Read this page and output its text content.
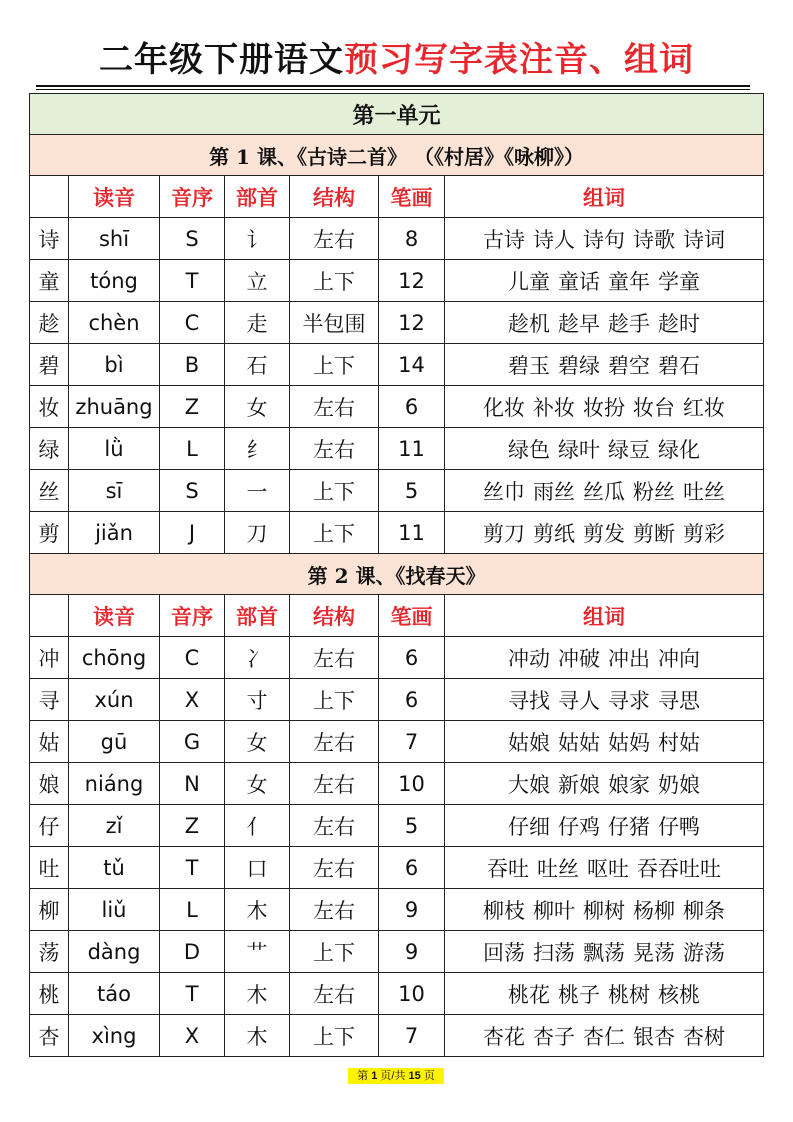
二年级下册语文预习写字表注音、组词
第一单元						
第 1 课、《古诗二首》 （《村居》《咏柳》）						
	读音	音序	部首	结构	笔画	组词
诗	shī	S	讠	左右	8	古诗 诗人 诗句 诗歌 诗词
童	tóng	T	立	上下	12	儿童 童话 童年 学童
趁	chèn	C	走	半包围	12	趁机 趁早 趁手 趁时
碧	bì	B	石	上下	14	碧玉 碧绿 碧空 碧石
妆	zhuāng	Z	女	左右	6	化妆 补妆 妆扮 妆台 红妆
绿	lǜ	L	纟	左右	11	绿色 绿叶 绿豆 绿化
丝	sī	S	一	上下	5	丝巾 雨丝 丝瓜 粉丝 吐丝
剪	jiǎn	J	刀	上下	11	剪刀 剪纸 剪发 剪断 剪彩
第 2 课、《找春天》						
	读音	音序	部首	结构	笔画	组词
冲	chōng	C	冫	左右	6	冲动 冲破 冲出 冲向
寻	xún	X	寸	上下	6	寻找 寻人 寻求 寻思
姑	gū	G	女	左右	7	姑娘 姑姑 姑妈 村姑
娘	niáng	N	女	左右	10	大娘 新娘 娘家 奶娘
仔	zǐ	Z	亻	左右	5	仔细 仔鸡 仔猪 仔鸭
吐	tǔ	T	口	左右	6	吞吐 吐丝 呕吐 吞吞吐吐
柳	liǔ	L	木	左右	9	柳枝 柳叶 柳树 杨柳 柳条
荡	dàng	D	艹	上下	9	回荡 扫荡 飘荡 晃荡 游荡
桃	táo	T	木	左右	10	桃花 桃子 桃树 核桃
杏	xìng	X	木	上下	7	杏花 杏子 杏仁 银杏 杏树
第 1 页/共 15 页
